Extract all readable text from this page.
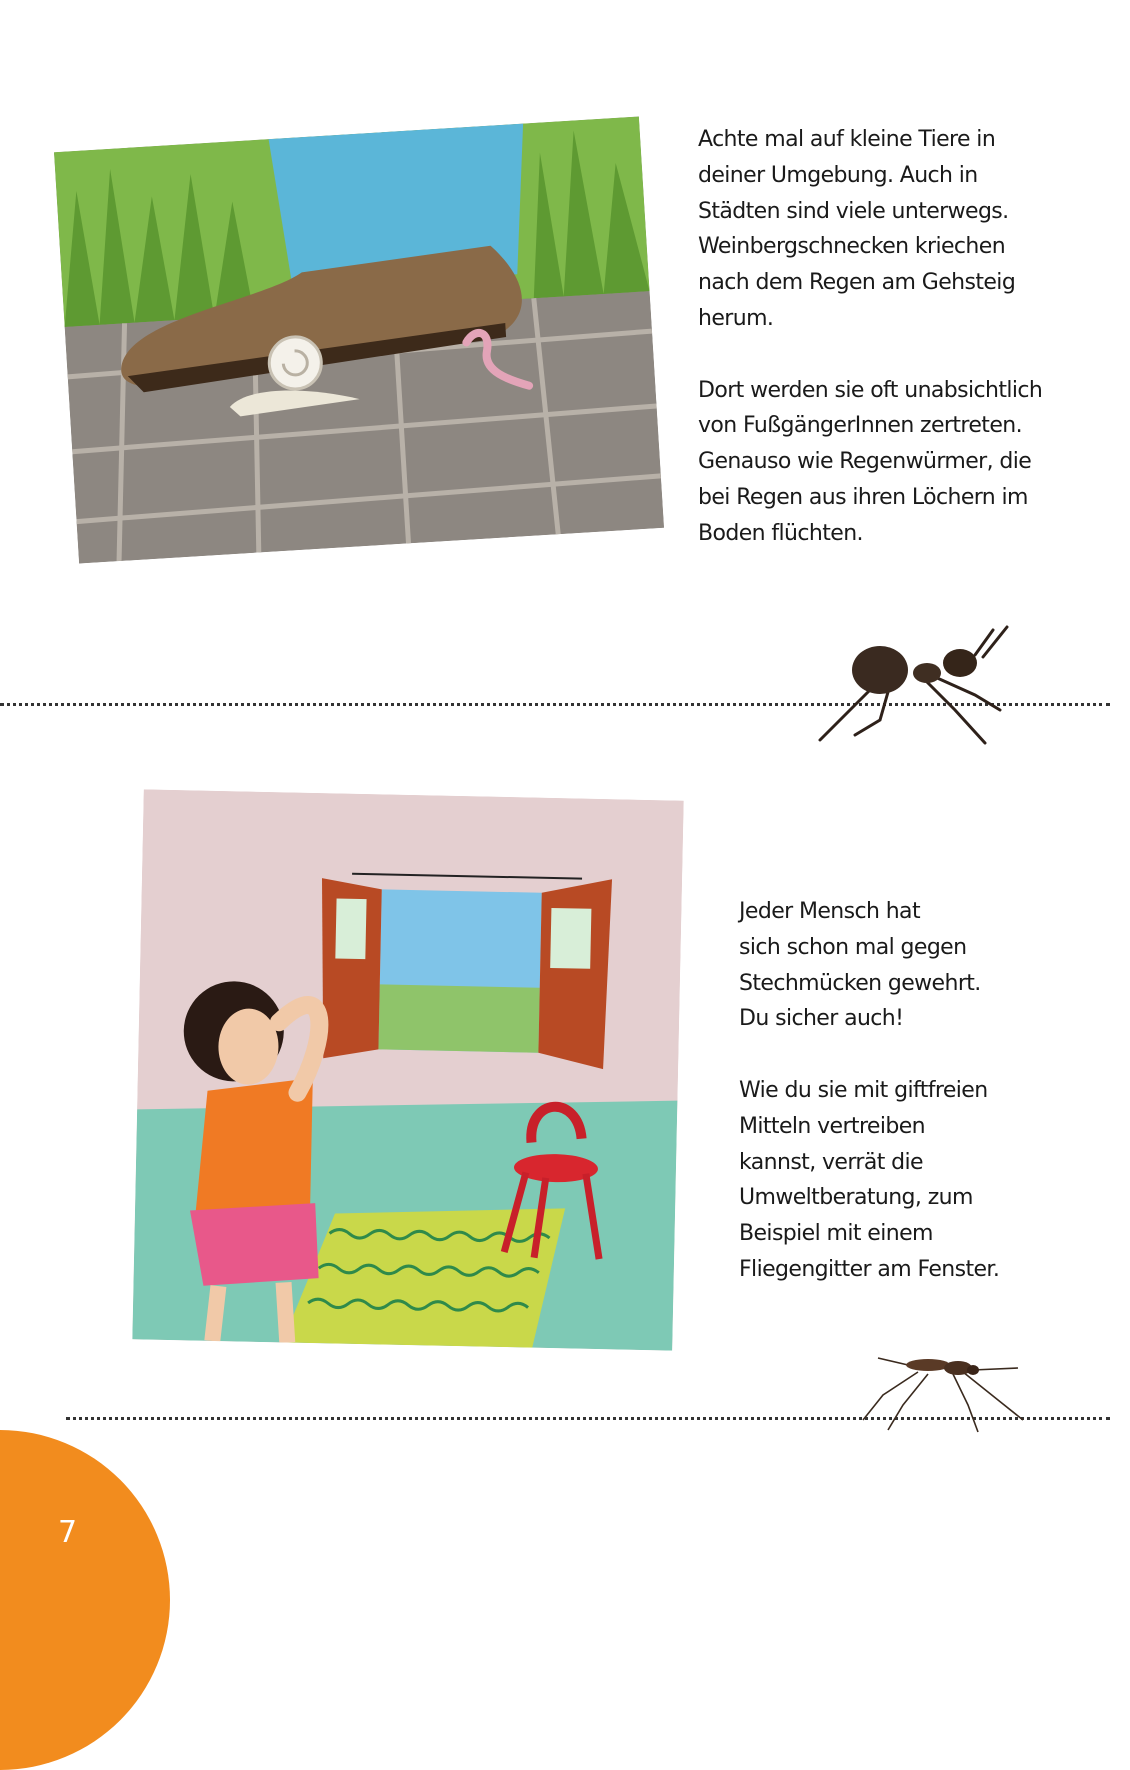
Achte mal auf kleine Tiere in

deiner Umgebung. Auch in

Städten sind viele unterwegs.

Weinbergschnecken kriechen

nach dem Regen am Gehsteig

herum.

Dort werden sie oft unabsichtlich

von FußgängerInnen zertreten.

Genauso wie Regenwürmer, die

bei Regen aus ihren Löchern im

Boden flüchten.

Jeder Mensch hat

sich schon mal gegen

Stechmücken gewehrt.

Du sicher auch!

Wie du sie mit giftfreien

Mitteln vertreiben

kannst, verrät die

Umweltberatung, zum

Beispiel mit einem

Fliegengitter am Fenster.

7
